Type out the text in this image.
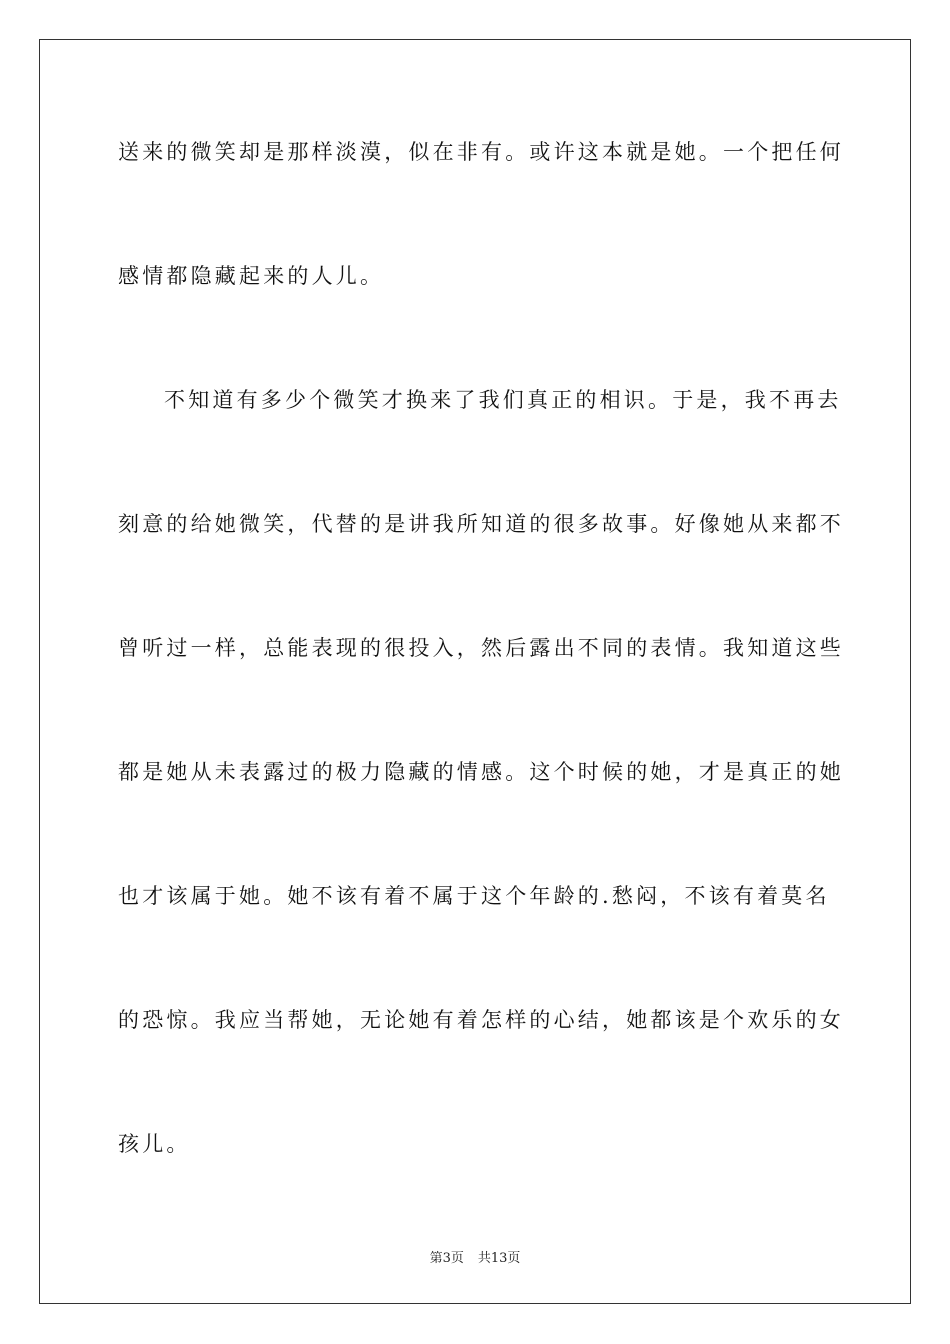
送来的微笑却是那样淡漠，似在非有。或许这本就是她。一个把任何
感情都隐藏起来的人儿。
不知道有多少个微笑才换来了我们真正的相识。于是，我不再去
刻意的给她微笑，代替的是讲我所知道的很多故事。好像她从来都不
曾听过一样，总能表现的很投入，然后露出不同的表情。我知道这些
都是她从未表露过的极力隐藏的情感。这个时候的她，才是真正的她
也才该属于她。她不该有着不属于这个年龄的.愁闷，不该有着莫名
的恐惊。我应当帮她，无论她有着怎样的心结，她都该是个欢乐的女
孩儿。
第3页 共13页
